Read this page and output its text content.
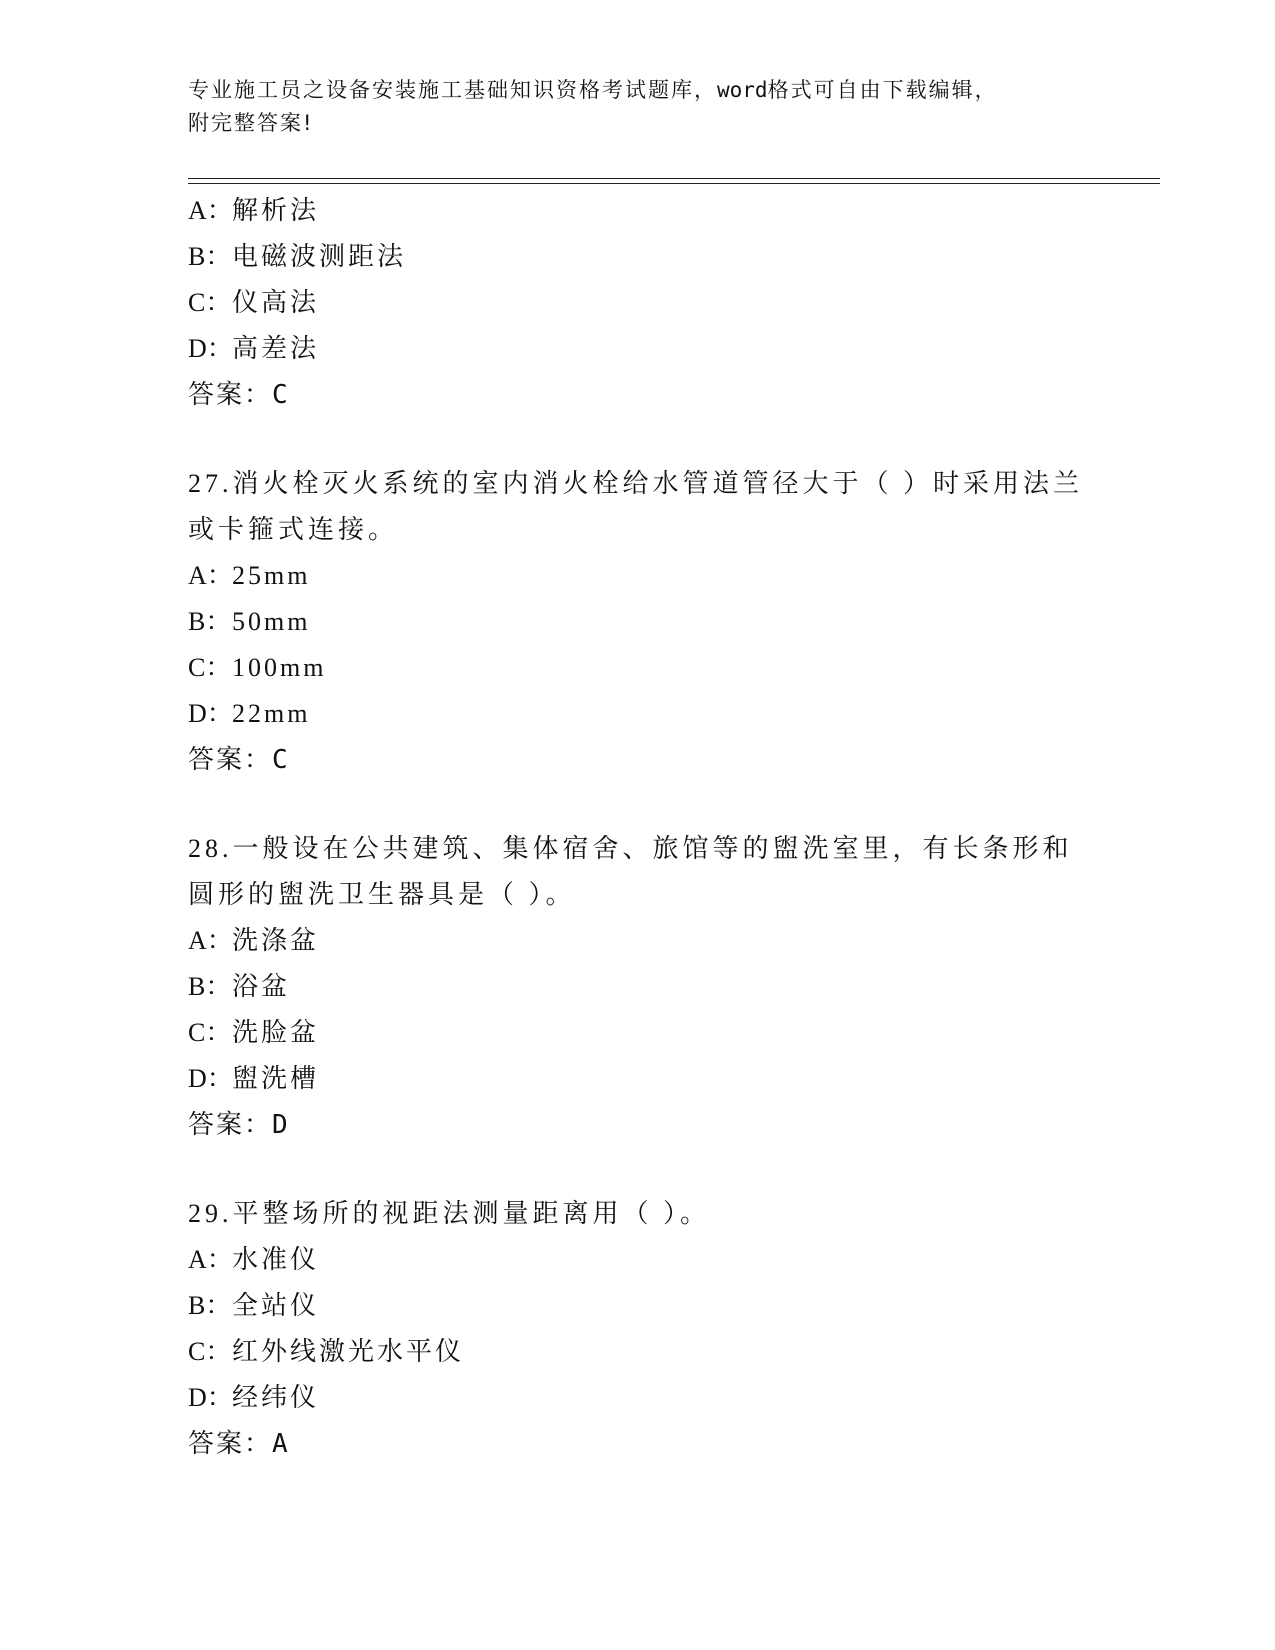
专业施工员之设备安装施工基础知识资格考试题库，word格式可自由下载编辑，
附完整答案!
A：解析法
B：电磁波测距法
C：仪高法
D：高差法
答案：C

27.消火栓灭火系统的室内消火栓给水管道管径大于（ ）时采用法兰或卡箍式连接。

A：25mm
B：50mm
C：100mm
D：22mm
答案：C

28.一般设在公共建筑、集体宿舍、旅馆等的盥洗室里，有长条形和圆形的盥洗卫生器具是（ ）。

A：洗涤盆
B：浴盆
C：洗脸盆
D：盥洗槽
答案：D

29.平整场所的视距法测量距离用（ ）。

A：水准仪
B：全站仪
C：红外线激光水平仪
D：经纬仪
答案：A
